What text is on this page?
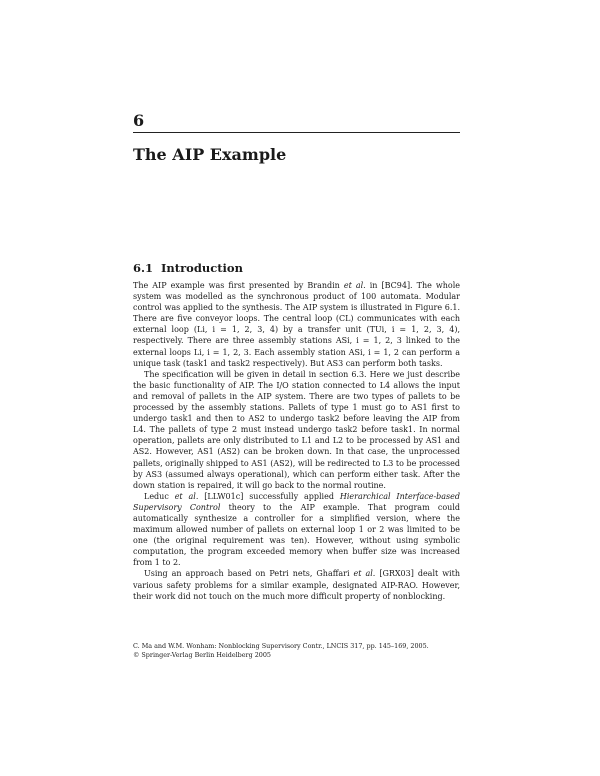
6
The AIP Example
6.1 Introduction

The AIP example was first presented by Brandin et al. in [BC94]. The whole system was modelled as the synchronous product of 100 automata. Modular control was applied to the synthesis. The AIP system is illustrated in Figure 6.1. There are five conveyor loops. The central loop (CL) communicates with each external loop (Li, i = 1, 2, 3, 4) by a transfer unit (TUi, i = 1, 2, 3, 4), respectively. There are three assembly stations ASi, i = 1, 2, 3 linked to the external loops Li, i = 1, 2, 3. Each assembly station ASi, i = 1, 2 can perform a unique task (task1 and task2 respectively). But AS3 can perform both tasks.

The specification will be given in detail in section 6.3. Here we just describe the basic functionality of AIP. The I/O station connected to L4 allows the input and removal of pallets in the AIP system. There are two types of pallets to be processed by the assembly stations. Pallets of type 1 must go to AS1 first to undergo task1 and then to AS2 to undergo task2 before leaving the AIP from L4. The pallets of type 2 must instead undergo task2 before task1. In normal operation, pallets are only distributed to L1 and L2 to be processed by AS1 and AS2. However, AS1 (AS2) can be broken down. In that case, the unprocessed pallets, originally shipped to AS1 (AS2), will be redirected to L3 to be processed by AS3 (assumed always operational), which can perform either task. After the down station is repaired, it will go back to the normal routine.

Leduc et al. [LLW01c] successfully applied Hierarchical Interface-based Supervisory Control theory to the AIP example. That program could automatically synthesize a controller for a simplified version, where the maximum allowed number of pallets on external loop 1 or 2 was limited to be one (the original requirement was ten). However, without using symbolic computation, the program exceeded memory when buffer size was increased from 1 to 2.

Using an approach based on Petri nets, Ghaffari et al. [GRX03] dealt with various safety problems for a similar example, designated AIP-RAO. However, their work did not touch on the much more difficult property of nonblocking.

C. Ma and W.M. Wonham: Nonblocking Supervisory Contr., LNCIS 317, pp. 145–169, 2005.
© Springer-Verlag Berlin Heidelberg 2005
